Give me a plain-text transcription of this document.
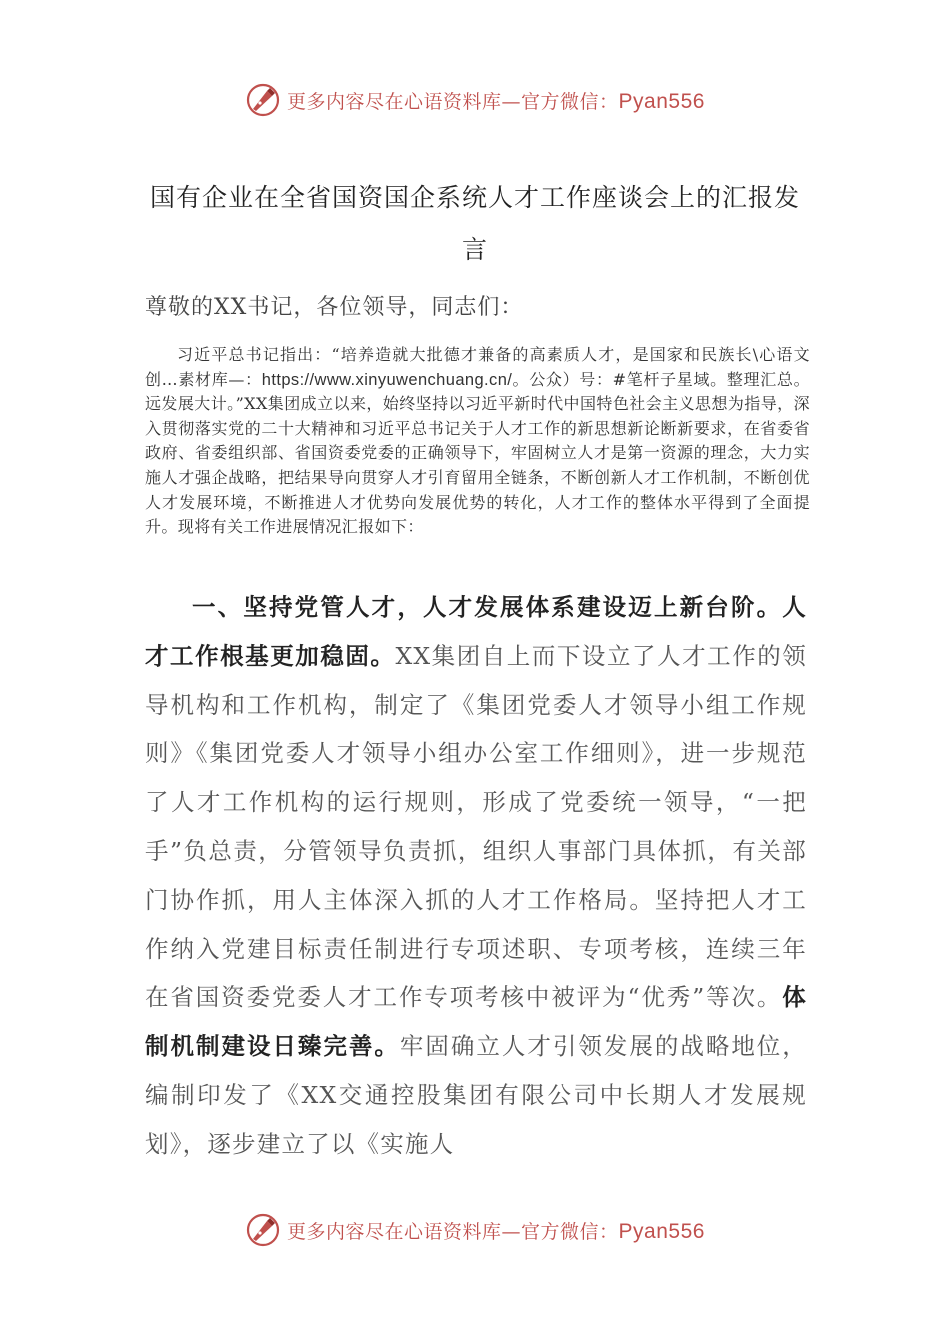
更多内容尽在心语资料库—官方微信：Pyan556
国有企业在全省国资国企系统人才工作座谈会上的汇报发言
尊敬的XX书记，各位领导，同志们：

习近平总书记指出：“培养造就大批德才兼备的高素质人才，是国家和民族长\心语文创…素材库—：https://www.xinyuwenchuang.cn/。公众）号：#笔杆子星域。整理汇总。远发展大计。”XX集团成立以来，始终坚持以习近平新时代中国特色社会主义思想为指导，深入贯彻落实党的二十大精神和习近平总书记关于人才工作的新思想新论断新要求，在省委省政府、省委组织部、省国资委党委的正确领导下，牢固树立人才是第一资源的理念，大力实施人才强企战略，把结果导向贯穿人才引育留用全链条，不断创新人才工作机制，不断创优人才发展环境，不断推进人才优势向发展优势的转化，人才工作的整体水平得到了全面提升。现将有关工作进展情况汇报如下：

一、坚持党管人才，人才发展体系建设迈上新台阶。人才工作根基更加稳固。XX集团自上而下设立了人才工作的领导机构和工作机构，制定了《集团党委人才领导小组工作规则》《集团党委人才领导小组办公室工作细则》，进一步规范了人才工作机构的运行规则，形成了党委统一领导，“一把手”负总责，分管领导负责抓，组织人事部门具体抓，有关部门协作抓，用人主体深入抓的人才工作格局。坚持把人才工作纳入党建目标责任制进行专项述职、专项考核，连续三年在省国资委党委人才工作专项考核中被评为“优秀”等次。体制机制建设日臻完善。牢固确立人才引领发展的战略地位，编制印发了《XX交通控股集团有限公司中长期人才发展规划》，逐步建立了以《实施人

更多内容尽在心语资料库—官方微信：Pyan556
